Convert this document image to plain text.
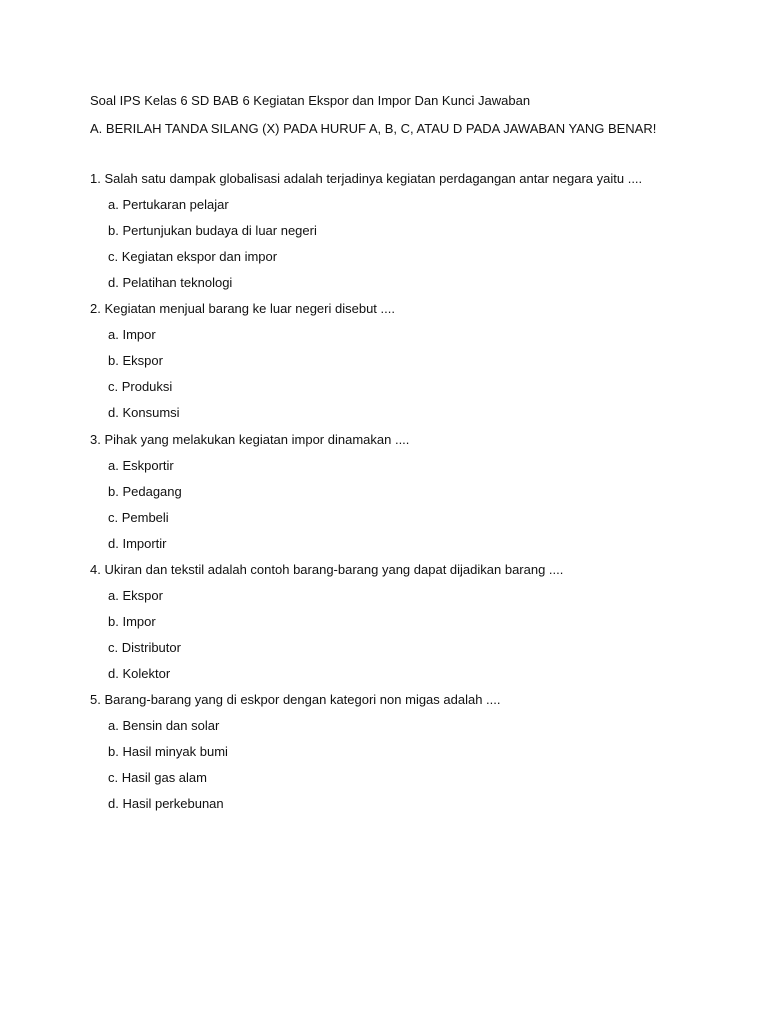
Soal IPS Kelas 6 SD BAB 6 Kegiatan Ekspor dan Impor Dan Kunci Jawaban
A. BERILAH TANDA SILANG (X) PADA HURUF A, B, C, ATAU D PADA JAWABAN YANG BENAR!
1. Salah satu dampak globalisasi adalah terjadinya kegiatan perdagangan antar negara yaitu ....
a. Pertukaran pelajar
b. Pertunjukan budaya di luar negeri
c. Kegiatan ekspor dan impor
d. Pelatihan teknologi
2. Kegiatan menjual barang ke luar negeri disebut ....
a. Impor
b. Ekspor
c. Produksi
d. Konsumsi
3. Pihak yang melakukan kegiatan impor dinamakan ....
a. Eskportir
b. Pedagang
c. Pembeli
d. Importir
4. Ukiran dan tekstil adalah contoh barang-barang yang dapat dijadikan barang ....
a. Ekspor
b. Impor
c. Distributor
d. Kolektor
5. Barang-barang yang di eskpor dengan kategori non migas adalah ....
a. Bensin dan solar
b. Hasil minyak bumi
c. Hasil gas alam
d. Hasil perkebunan
